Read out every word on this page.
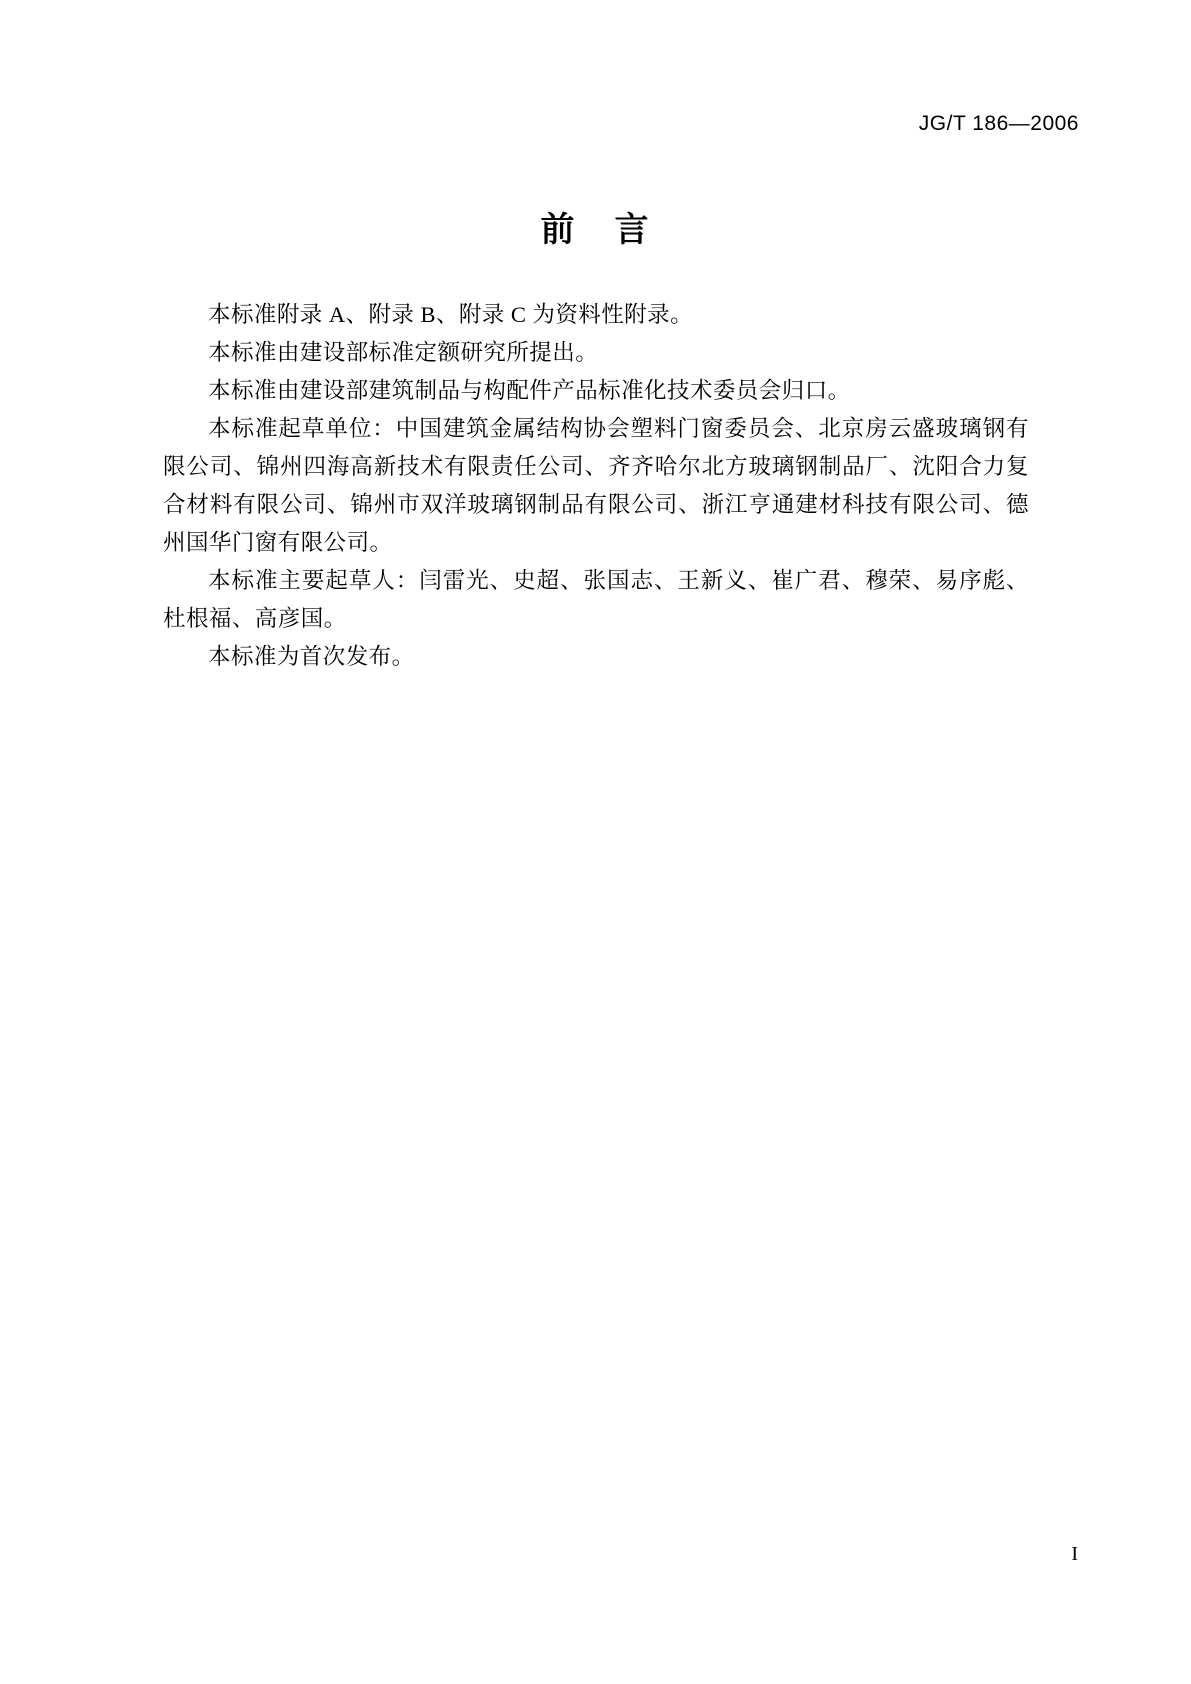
JG/T 186—2006
前 言

本标准附录 A、附录 B、附录 C 为资料性附录。

本标准由建设部标准定额研究所提出。

本标准由建设部建筑制品与构配件产品标准化技术委员会归口。

本标准起草单位：中国建筑金属结构协会塑料门窗委员会、北京房云盛玻璃钢有限公司、锦州四海高新技术有限责任公司、齐齐哈尔北方玻璃钢制品厂、沈阳合力复合材料有限公司、锦州市双洋玻璃钢制品有限公司、浙江亨通建材科技有限公司、德州国华门窗有限公司。

本标准主要起草人：闫雷光、史超、张国志、王新义、崔广君、穆荣、易序彪、杜根福、高彦国。

本标准为首次发布。

I
